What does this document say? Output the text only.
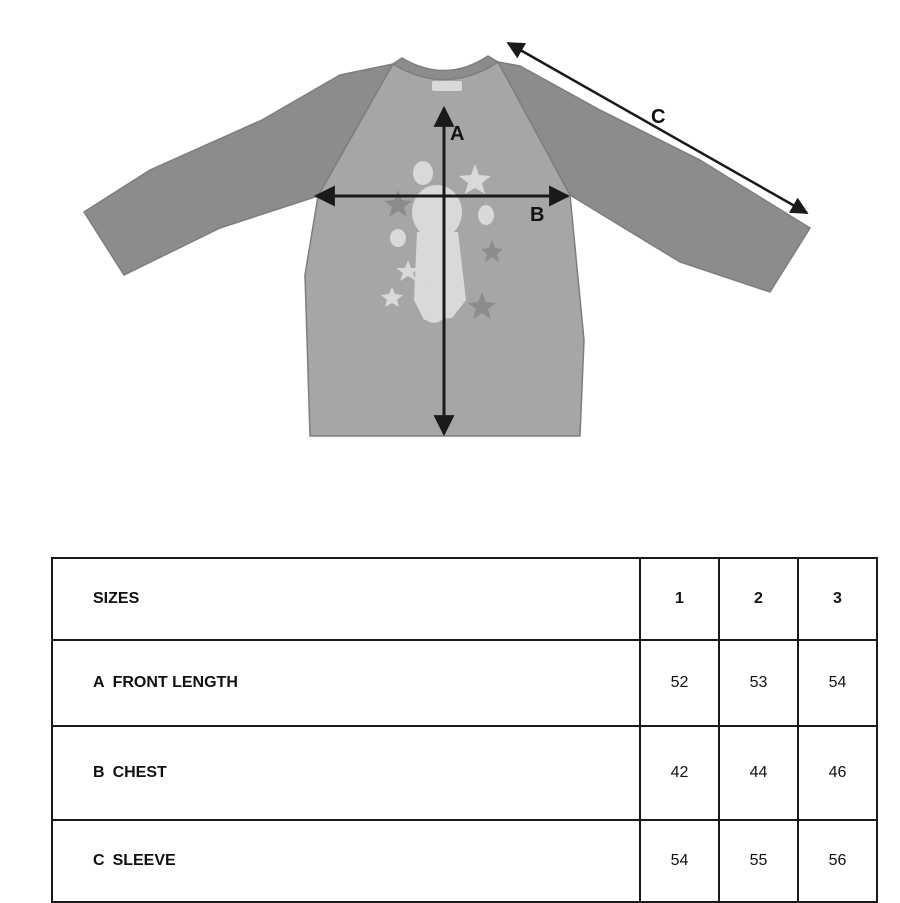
A
B
C
SIZES	1	2	3
A FRONT LENGTH	52	53	54
B CHEST	42	44	46
C SLEEVE	54	55	56
